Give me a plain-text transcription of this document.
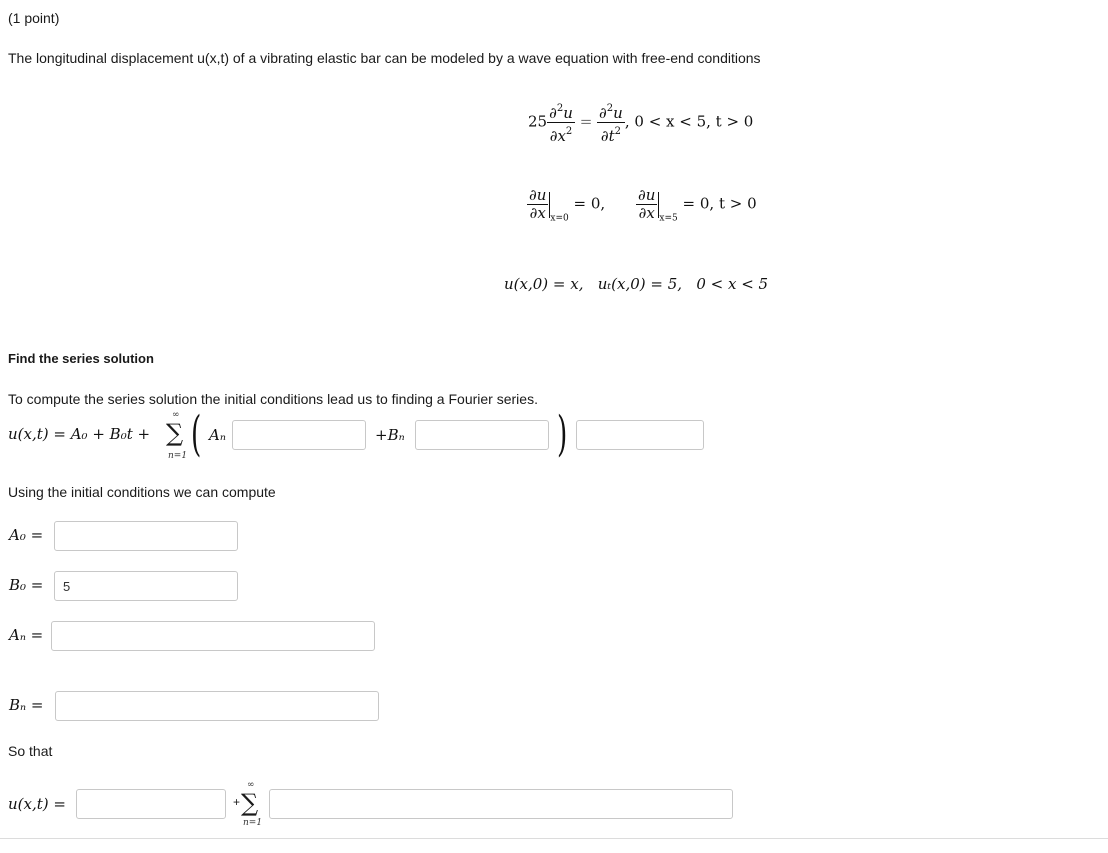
(1 point)
The longitudinal displacement u(x,t) of a vibrating elastic bar can be modeled by a wave equation with free-end conditions
$25 \frac{\partial^2u}{\partial x^2} = \frac{\partial^2u}{\partial t^2}$ , 0 < x < 5, t > 0
$\frac{\partial u}{\partial x} _{x=0} = 0$, $\frac{\partial u}{\partial x} _{x=5} = 0$, t > 0
u(x,0) = x,   uₜ(x,0) = 5,   0 < x < 5
Find the series solution
To compute the series solution the initial conditions lead us to finding a Fourier series.
u(x,t) = A₀ + B₀t + ∑
∞
n=1 ( Aₙ	+Bₙ	)
Using the initial conditions we can compute
A₀ =
B₀ =
5
Aₙ =
Bₙ =
So that
u(x,t) =	+ ∑
∞
n=1
